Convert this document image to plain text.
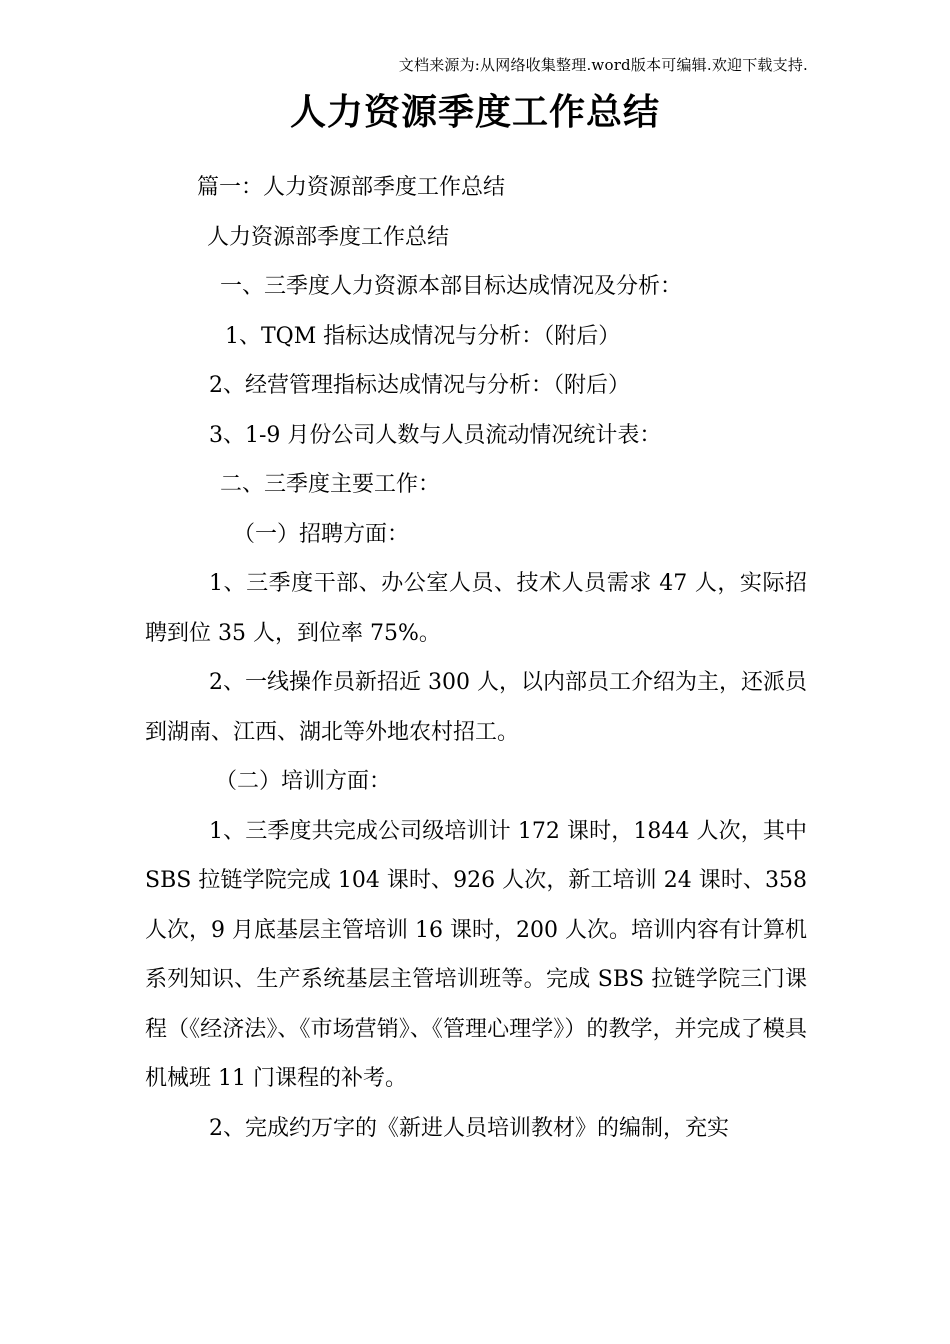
文档来源为:从网络收集整理.word版本可编辑.欢迎下载支持.
人力资源季度工作总结

篇一：人力资源部季度工作总结

人力资源部季度工作总结

一、三季度人力资源本部目标达成情况及分析：

1、TQM 指标达成情况与分析：（附后）

2、经营管理指标达成情况与分析：（附后）

3、1-9 月份公司人数与人员流动情况统计表：

二、三季度主要工作：

（一）招聘方面：

1、三季度干部、办公室人员、技术人员需求 47 人，实际招聘到位 35 人，到位率 75%。

2、一线操作员新招近 300 人，以内部员工介绍为主，还派员到湖南、江西、湖北等外地农村招工。

（二）培训方面：

1、三季度共完成公司级培训计 172 课时，1844 人次，其中 SBS 拉链学院完成 104 课时、926 人次，新工培训 24 课时、358 人次，9 月底基层主管培训 16 课时，200 人次。培训内容有计算机系列知识、生产系统基层主管培训班等。完成 SBS 拉链学院三门课程（《经济法》、《市场营销》、《管理心理学》）的教学，并完成了模具机械班 11 门课程的补考。

2、完成约万字的《新进人员培训教材》的编制，充实
